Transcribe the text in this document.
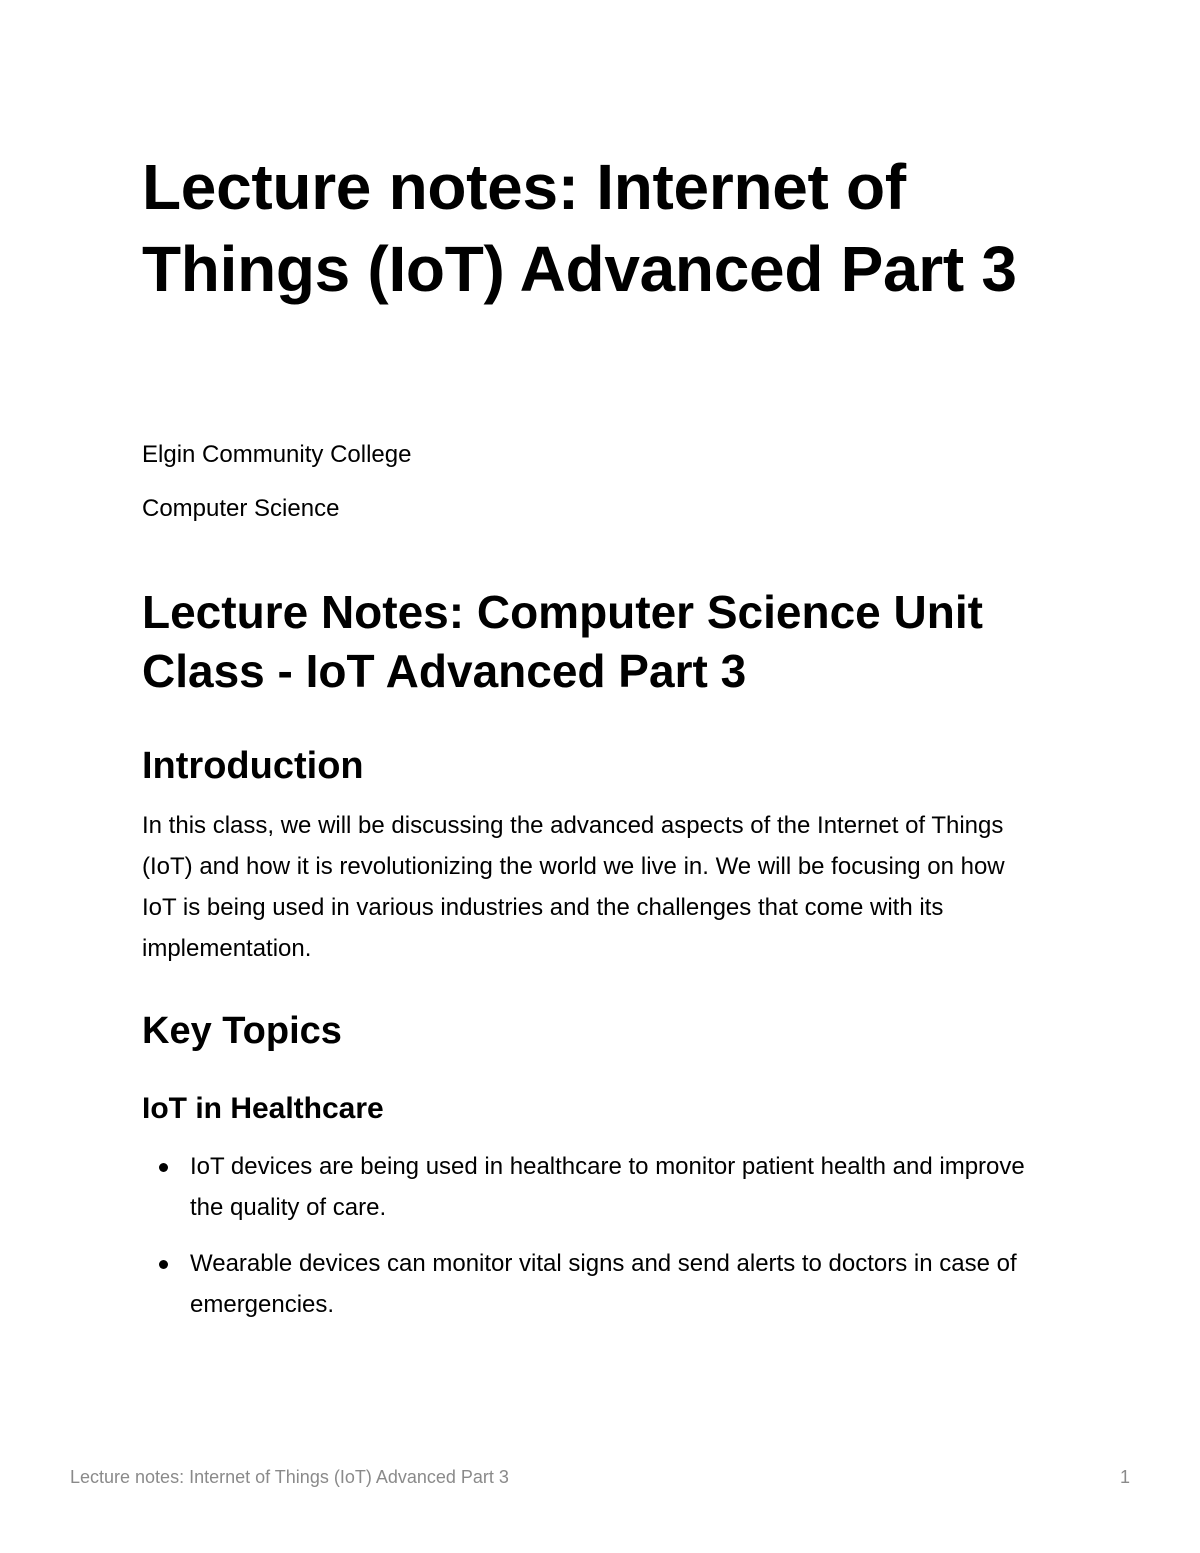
Lecture notes: Internet of Things (IoT) Advanced Part 3

Elgin Community College

Computer Science

Lecture Notes: Computer Science Unit Class - IoT Advanced Part 3
Introduction

In this class, we will be discussing the advanced aspects of the Internet of Things (IoT) and how it is revolutionizing the world we live in. We will be focusing on how IoT is being used in various industries and the challenges that come with its implementation.

Key Topics
IoT in Healthcare
IoT devices are being used in healthcare to monitor patient health and improve the quality of care.
Wearable devices can monitor vital signs and send alerts to doctors in case of emergencies.

Lecture notes: Internet of Things (IoT) Advanced Part 3	1
